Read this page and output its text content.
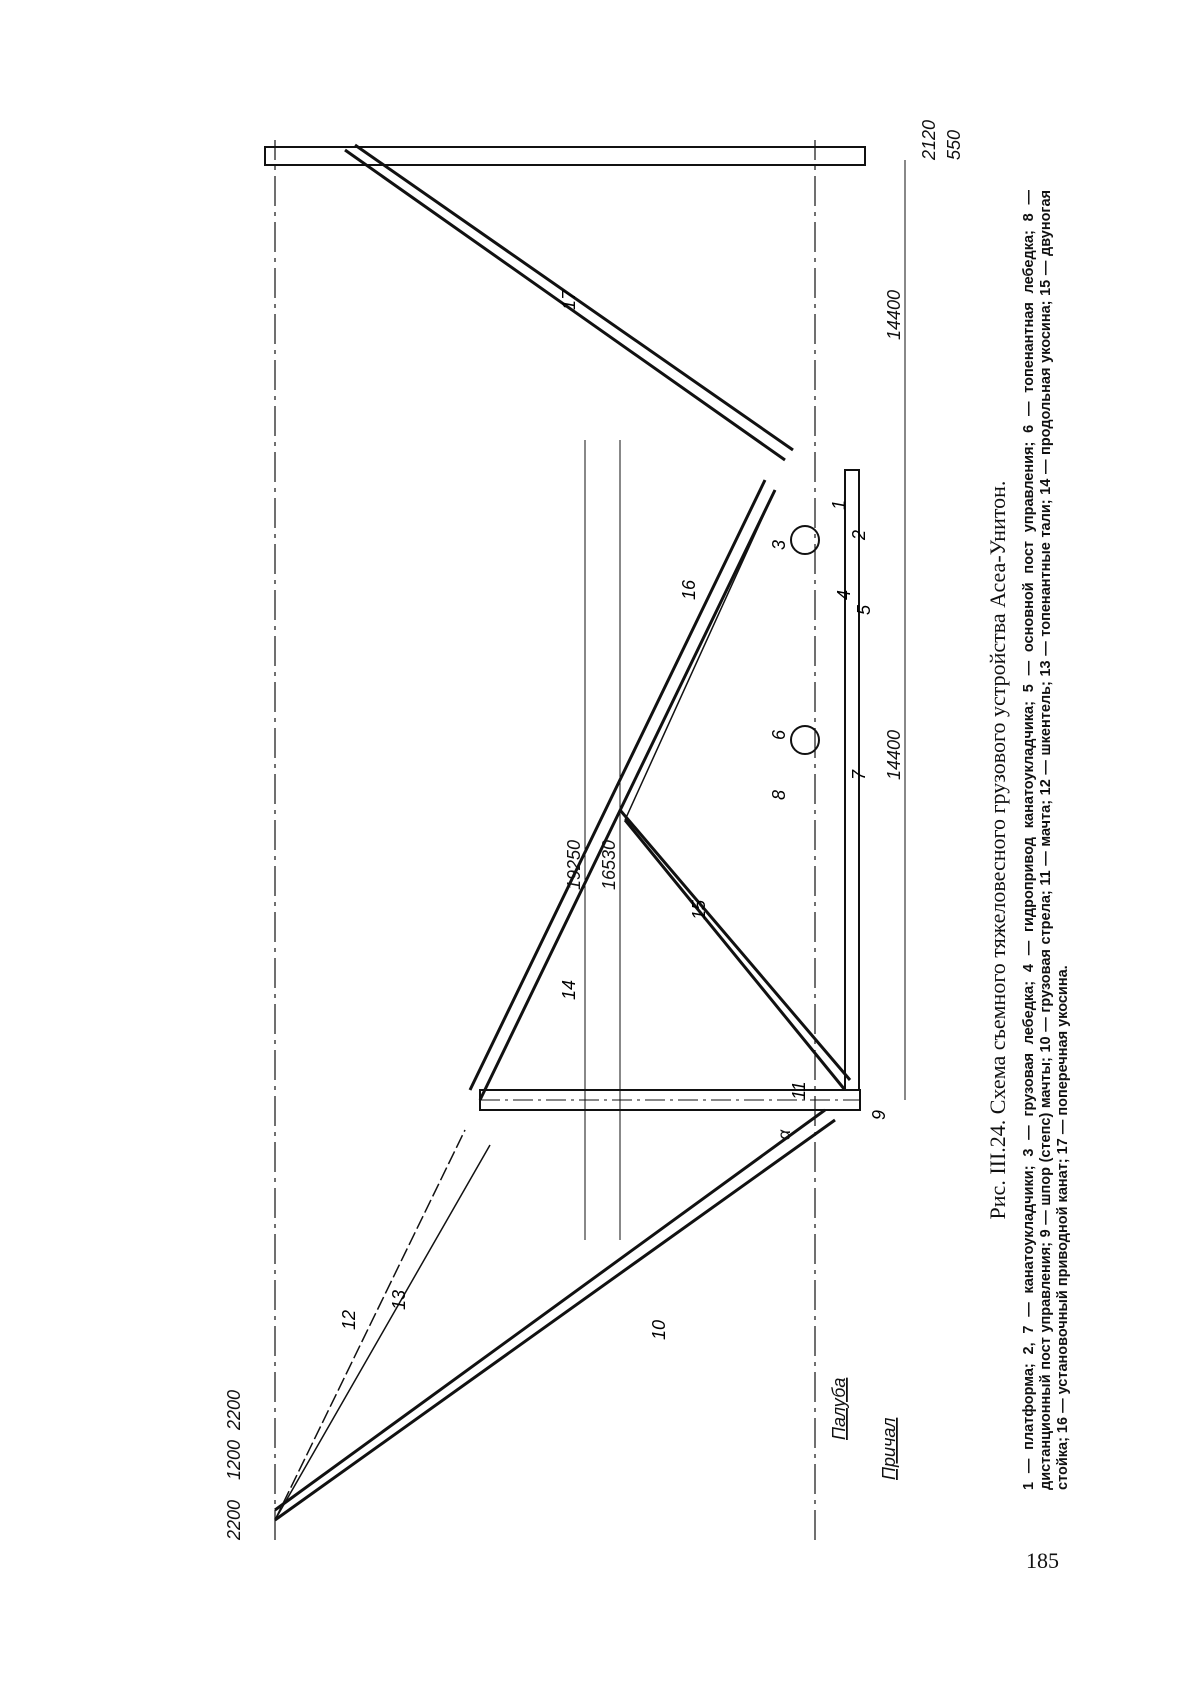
14400
14400
19250 16530
2120 550
2200
1200
2200	Палуба
Причал
α
1
2
3
4
5
6
7
8
9
10
11
12
13
14
15
16
17
Рис. III.24. Схема съемного тяжеловесного грузового устройства Асеа-Унитон. 1 — платформа; 2, 7 — канатоукладчики; 3 — грузовая лебедка; 4 — гидропривод канатоукладчика; 5 — основной пост управления; 6 — топенантная лебедка; 8 — дистанционный пост управления; 9 — шпор (степс) мачты; 10 — грузовая стрела; 11 — мачта; 12 — шкентель; 13 — топенантные тали; 14 — продольная укосина; 15 — двуногая стойка; 16 — установочный приводной канат; 17 — поперечная укосина.
185
